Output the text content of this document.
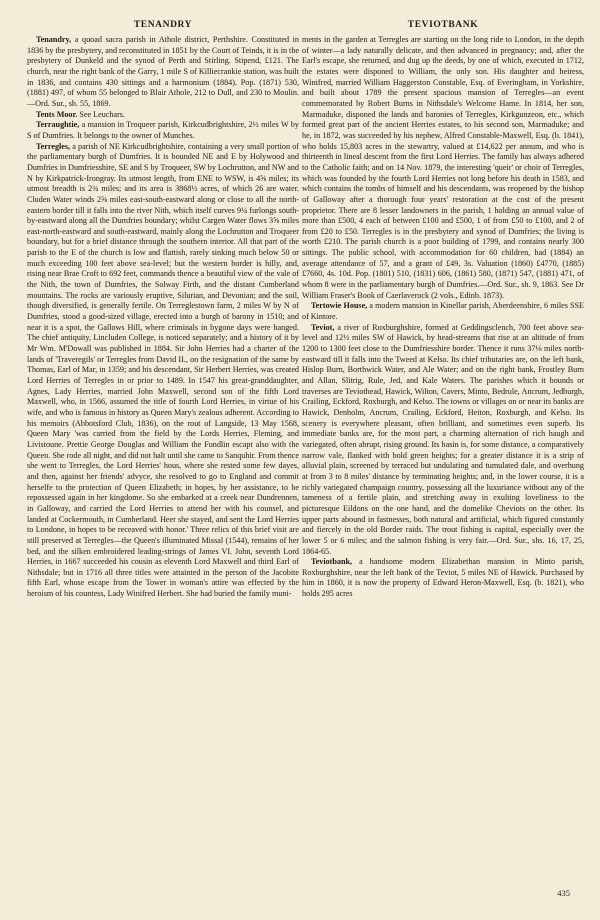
TENANDRY	TEVIOTBANK

Tenandry, a quoad sacra parish in Athole district, Perthshire. Constituted in 1836 by the presbytery, and reconstituted in 1851 by the Court of Teinds, it is in the presbytery of Dunkeld and the synod of Perth and Stirling. Stipend, £121. The church, near the right bank of the Garry, 1 mile S of Killiecrankie station, was built in 1836, and contains 430 sittings and a harmonium (1884). Pop. (1871) 530, (1881) 497, of whom 55 belonged to Blair Athole, 212 to Dull, and 230 to Moulin.—Ord. Sur., sh. 55, 1869.

Tents Moor. See Leuchars.

Terraughtie, a mansion in Troqueer parish, Kirkcudbrightshire, 2½ miles W by S of Dumfries. It belongs to the owner of Munches.

Terregles, a parish of NE Kirkcudbrightshire, containing a very small portion of the parliamentary burgh of Dumfries. It is bounded NE and E by Holywood and Dumfries in Dumfriesshire, SE and S by Troqueer, SW by Lochrutton, and NW and N by Kirkpatrick-Irongray. Its utmost length, from ENE to WSW, is 4⅝ miles; its utmost breadth is 2¾ miles; and its area is 3868½ acres, of which 26 are water. Cluden Water winds 2⅝ miles east-south-eastward along or close to all the north-eastern border till it falls into the river Nith, which itself curves 9¼ furlongs south-by-eastward along all the Dumfries boundary; whilst Cargen Water flows 3⅝ miles east-north-eastward and south-eastward, mainly along the Lochrutton and Troqueer boundary, but for a brief distance through the southern interior. All that part of the parish to the E of the church is low and flattish, rarely sinking much below 50 or much exceeding 100 feet above sea-level; but the western border is hilly, and, rising near Brae Croft to 692 feet, commands thence a beautiful view of the vale of the Nith, the town of Dumfries, the Solway Firth, and the distant Cumberland mountains. The rocks are variously eruptive, Silurian, and Devonian; and the soil, though diversified, is generally fertile. On Terreglestown farm, 2 miles W by N of Dumfries, stood a good-sized village, erected into a burgh of barony in 1510; and near it is a spot, the Gallows Hill, where criminals in bygone days were hanged. The chief antiquity, Lincluden College, is noticed separately; and a history of it by Mr Wm. M'Dowall was published in 1884. Sir John Herries had a charter of the lands of 'Traveregils' or Terregles from David II., on the resignation of the same by Thomas, Earl of Mar, in 1359; and his descendant, Sir Herbert Herries, was created Lord Herries of Terregles in or prior to 1489. In 1547 his great-granddaughter, Agnes, Lady Herries, married John Maxwell, second son of the fifth Lord Maxwell, who, in 1566, assumed the title of fourth Lord Herries, in virtue of his wife, and who is famous in history as Queen Mary's zealous adherent. According to his memoirs (Abbotsford Club, 1836), on the rout of Langside, 13 May 1568, Queen Mary 'was carried from the field by the Lords Herries, Fleming, and Livistoune. Prettie George Douglas and William the Fundlin escapt also with the Queen. She rode all night, and did not halt until she came to Sanquhir. From thence she went to Terregles, the Lord Herries' hous, where she rested some few dayes, and then, against her friends' advyce, she resolved to go to England and commit herselfe to the protection of Queen Elizabeth; in hopes, by her assistance, to be repossessed again in her kingdome. So she embarked at a creek near Dundrennen, in Galloway, and carried the Lord Herries to attend her with his counsel, and landed at Cockermouth, in Cumberland. Heer she stayed, and sent the Lord Herries to Londone, in hopes to be receaved with honor.' Three relics of this brief visit are still preserved at Terregles—the Queen's illuminated Missal (1544), remains of her bed, and the silken embroidered leading-strings of James VI. John, seventh Lord Herries, in 1667 succeeded his cousin as eleventh Lord Maxwell and third Earl of Nithsdale; but in 1716 all three titles were attainted in the person of the Jacobite fifth Earl, whose escape from the Tower in woman's attire was effected by the heroism of his countess, Lady Winifred Herbert. She had buried the family muni-

ments in the garden at Terregles are starting on the long ride to London, in the depth of winter—a lady naturally delicate, and then advanced in pregnancy; and, after the Earl's escape, she returned, and dug up the deeds, by one of which, executed in 1712, the estates were disponed to William, the only son. His daughter and heiress, Winifred, married William Haggerston Constable, Esq. of Everingham, in Yorkshire, and built about 1789 the present spacious mansion of Terregles—an event commemorated by Robert Burns in Nithsdale's Welcome Hame. In 1814, her son, Marmaduke, disponed the lands and baronies of Terregles, Kirkgunzeon, etc., which formed great part of the ancient Herries estates, to his second son, Marmaduke; and he, in 1872, was succeeded by his nephew, Alfred Constable-Maxwell, Esq. (b. 1841), who holds 15,803 acres in the stewartry, valued at £14,622 per annum, and who is thirteenth in lineal descent from the first Lord Herries. The family has always adhered to the Catholic faith; and on 14 Nov. 1879, the interesting 'queir' or choir of Terregles, which was founded by the fourth Lord Herries not long before his death in 1583, and which contains the tombs of himself and his descendants, was reopened by the bishop of Galloway after a thorough four years' restoration at the cost of the present proprietor. There are 8 lesser landowners in the parish, 1 holding an annual value of more than £500, 4 each of between £100 and £500, 1 of from £50 to £100, and 2 of from £20 to £50. Terregles is in the presbytery and synod of Dumfries; the living is worth £210. The parish church is a poor building of 1799, and contains nearly 300 sittings. The public school, with accommodation for 60 children, had (1884) an average attendance of 57, and a grant of £49, 3s. Valuation (1860) £4770, (1885) £7660, 4s. 10d. Pop. (1801) 510, (1831) 606, (1861) 580, (1871) 547, (1881) 471, of whom 8 were in the parliamentary burgh of Dumfries.—Ord. Sur., sh. 9, 1863. See Dr William Fraser's Book of Caerlaverock (2 vols., Edinb. 1873).

Tertowie House, a modern mansion in Kinellar parish, Aberdeenshire, 6 miles SSE of Kintore.

Teviot, a river of Roxburghshire, formed at Geddingsclench, 700 feet above sea-level and 12½ miles SW of Hawick, by head-streams that rise at an altitude of from 1200 to 1300 feet close to the Dumfriesshire border. Thence it runs 37⅛ miles north-eastward till it falls into the Tweed at Kelso. Its chief tributaries are, on the left bank, Hislop Burn, Borthwick Water, and Ale Water; and on the right bank, Frostley Burn and Allan, Slitrig, Rule, Jed, and Kale Waters. The parishes which it bounds or traverses are Teviothead, Hawick, Wilton, Cavers, Minto, Bedrule, Ancrum, Jedburgh, Crailing, Eckford, Roxburgh, and Kelso. The towns or villages on or near its banks are Hawick, Denholm, Ancrum, Crailing, Eckford, Heiton, Roxburgh, and Kelso. Its scenery is everywhere pleasant, often brilliant, and sometimes even superb. Its immediate banks are, for the most part, a charming alternation of rich haugh and variegated, often abrupt, rising ground. Its basin is, for some distance, a comparatively narrow vale, flanked with bold green heights; for a greater distance it is a strip of alluvial plain, screened by terraced but undulating and tumulated dale, and overhung at from 3 to 8 miles' distance by terminating heights; and, in the lower course, it is a richly variegated champaign country, possessing all the luxuriance without any of the tameness of a fertile plain, and stretching away in exulting loveliness to the picturesque Eildons on the one hand, and the domelike Cheviots on the other. Its upper parts abound in fastnesses, both natural and artificial, which figured constantly and fiercely in the old Border raids. The trout fishing is capital, especially over the lower 5 or 6 miles; and the salmon fishing is very fair.—Ord. Sur., shs. 16, 17, 25, 1864-65.

Teviotbank, a handsome modern Elizabethan mansion in Minto parish, Roxburghshire, near the left bank of the Teviot, 5 miles NE of Hawick. Purchased by him in 1860, it is now the property of Edward Heron-Maxwell, Esq. (b. 1821), who holds 295 acres

435
